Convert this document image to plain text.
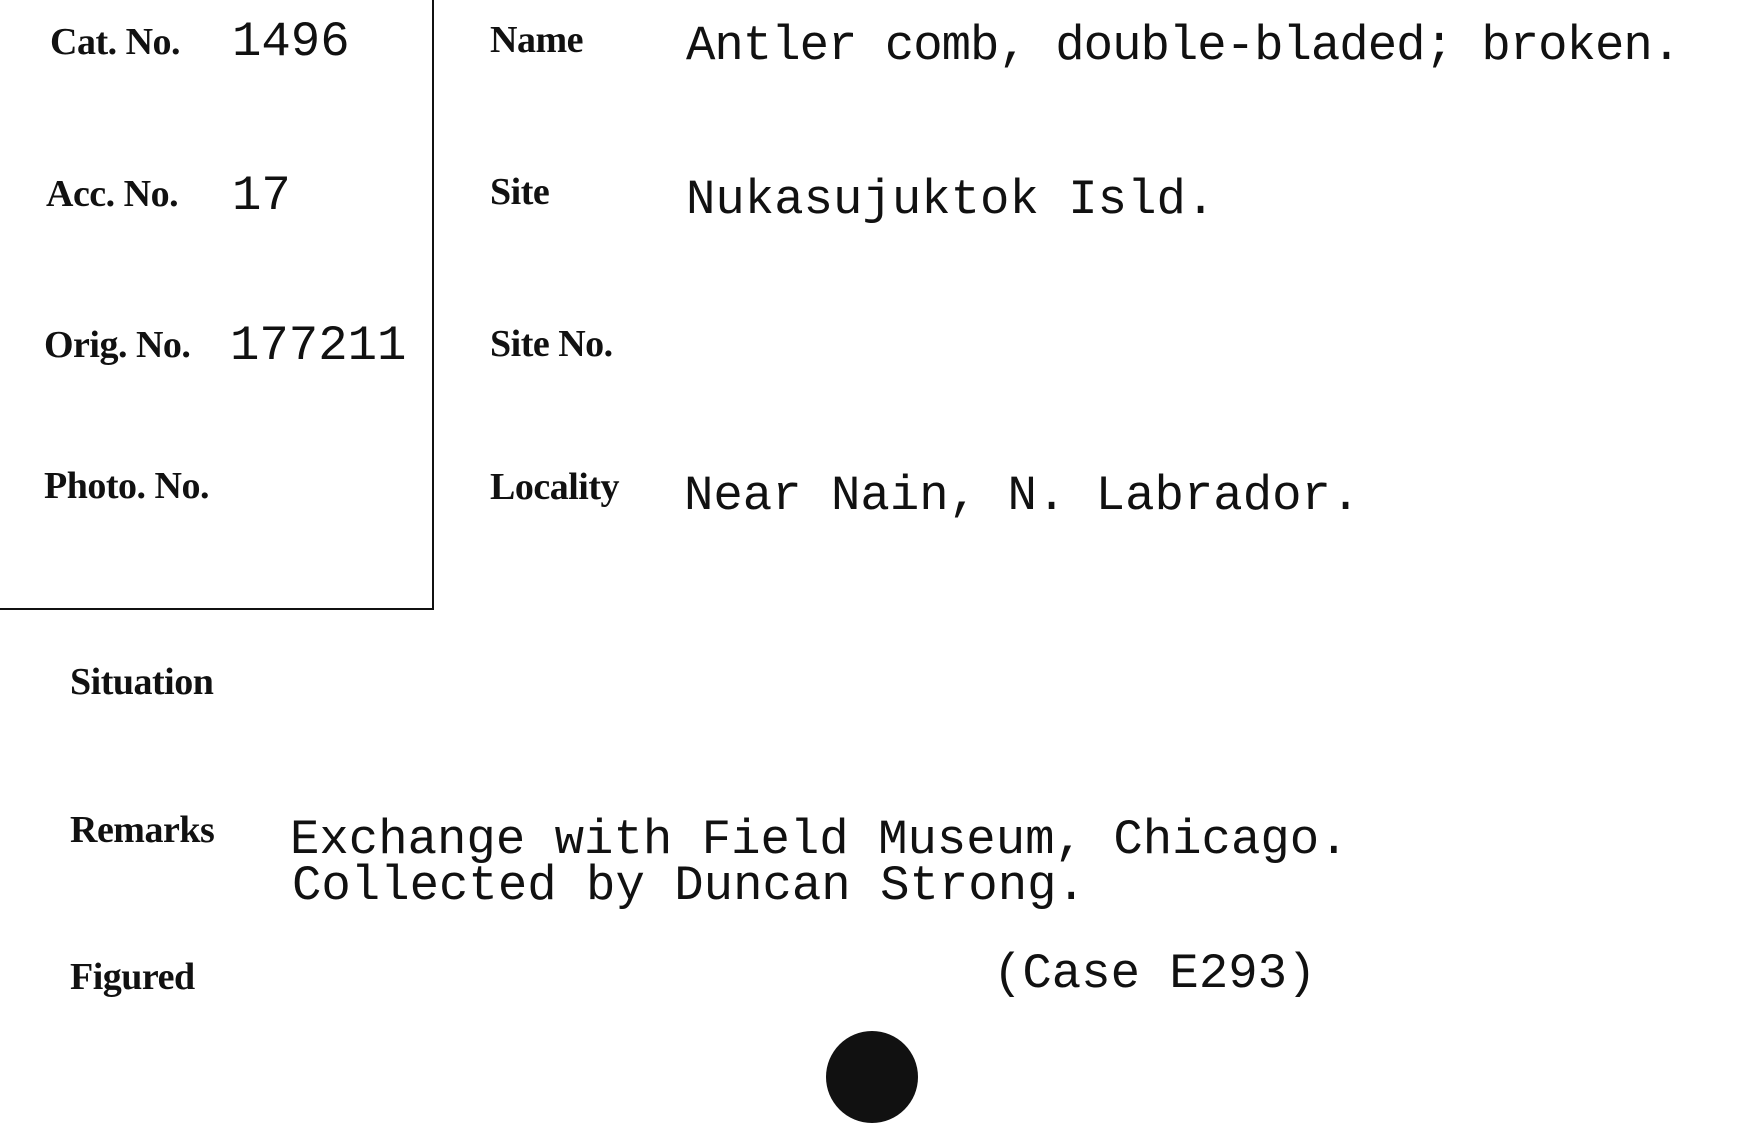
Cat. No. 1496
Acc. No. 17
Orig. No. 177211
Photo. No.
Name Antler comb, double-bladed; broken.
Site	Nukasujuktok Isld.
Site No.
Locality Near Nain, N. Labrador.
Situation
Remarks Exchange with Field Museum, Chicago.
Collected by Duncan Strong.
Figured	(Case E293)
